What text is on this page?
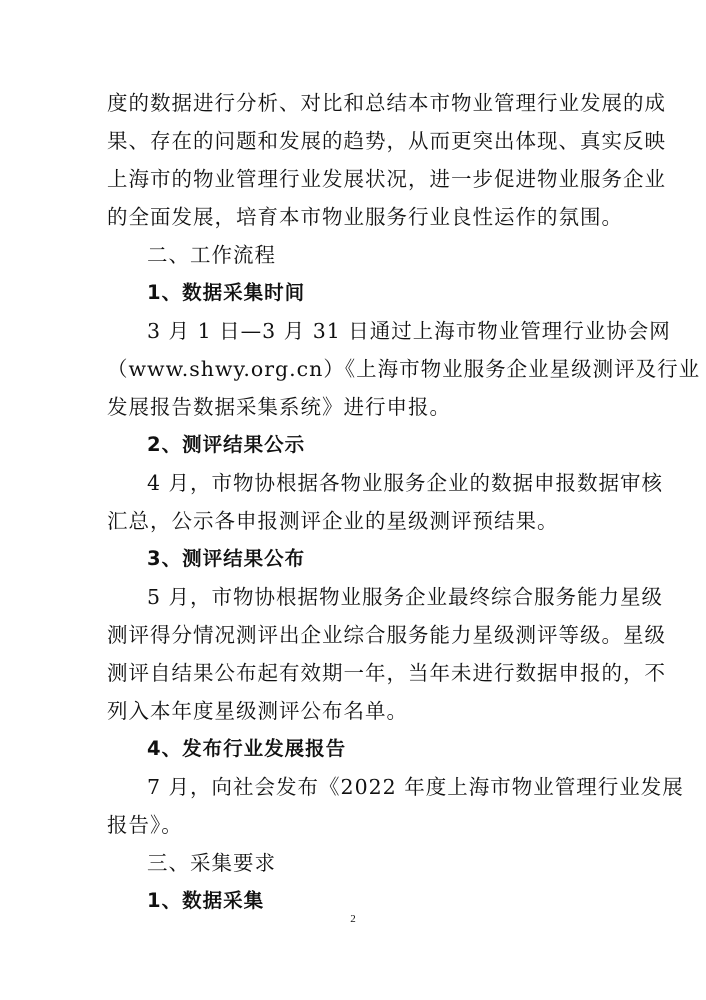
度的数据进行分析、对比和总结本市物业管理行业发展的成
果、存在的问题和发展的趋势，从而更突出体现、真实反映
上海市的物业管理行业发展状况，进一步促进物业服务企业
的全面发展，培育本市物业服务行业良性运作的氛围。
二、工作流程
1、数据采集时间
3 月 1 日—3 月 31 日通过上海市物业管理行业协会网
（www.shwy.org.cn）《上海市物业服务企业星级测评及行业
发展报告数据采集系统》进行申报。
2、测评结果公示
4 月，市物协根据各物业服务企业的数据申报数据审核
汇总，公示各申报测评企业的星级测评预结果。
3、测评结果公布
5 月，市物协根据物业服务企业最终综合服务能力星级
测评得分情况测评出企业综合服务能力星级测评等级。星级
测评自结果公布起有效期一年，当年未进行数据申报的，不
列入本年度星级测评公布名单。
4、发布行业发展报告
7 月，向社会发布《2022 年度上海市物业管理行业发展
报告》。
三、采集要求
1、数据采集
2
